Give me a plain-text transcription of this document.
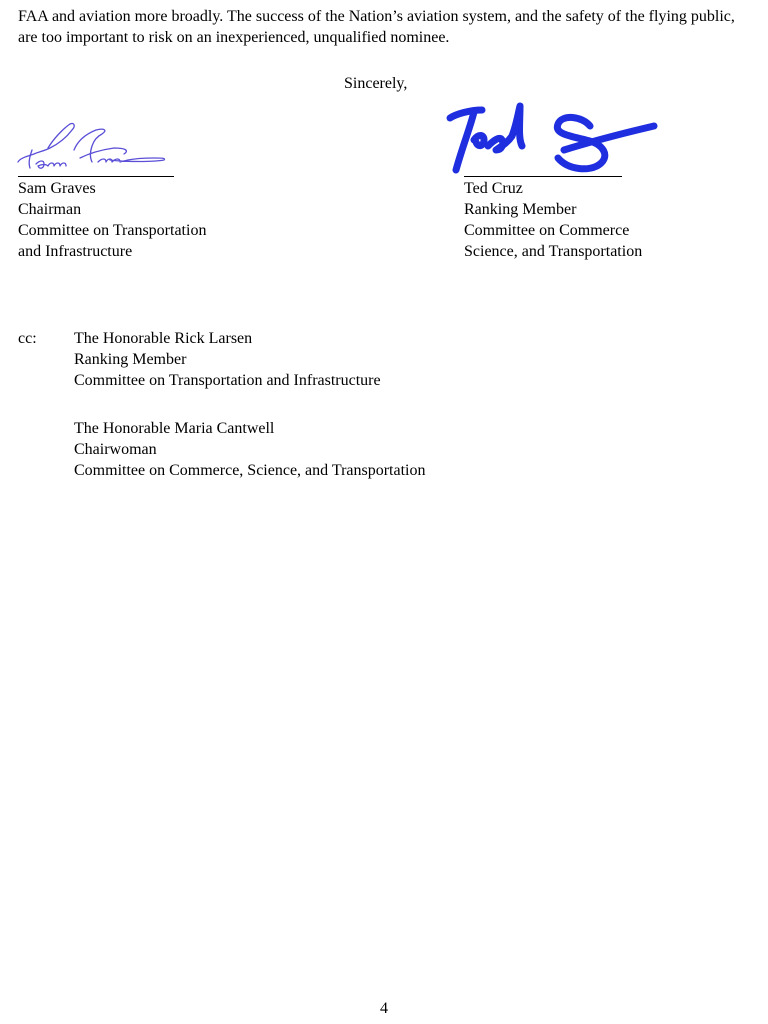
FAA and aviation more broadly. The success of the Nation’s aviation system, and the safety of the flying public, are too important to risk on an inexperienced, unqualified nominee.

Sincerely,
Sam Graves
Chairman
Committee on Transportation
and Infrastructure
Ted Cruz
Ranking Member
Committee on Commerce
Science, and Transportation
cc: The Honorable Rick Larsen
Ranking Member
Committee on Transportation and Infrastructure
The Honorable Maria Cantwell
Chairwoman
Committee on Commerce, Science, and Transportation
4
